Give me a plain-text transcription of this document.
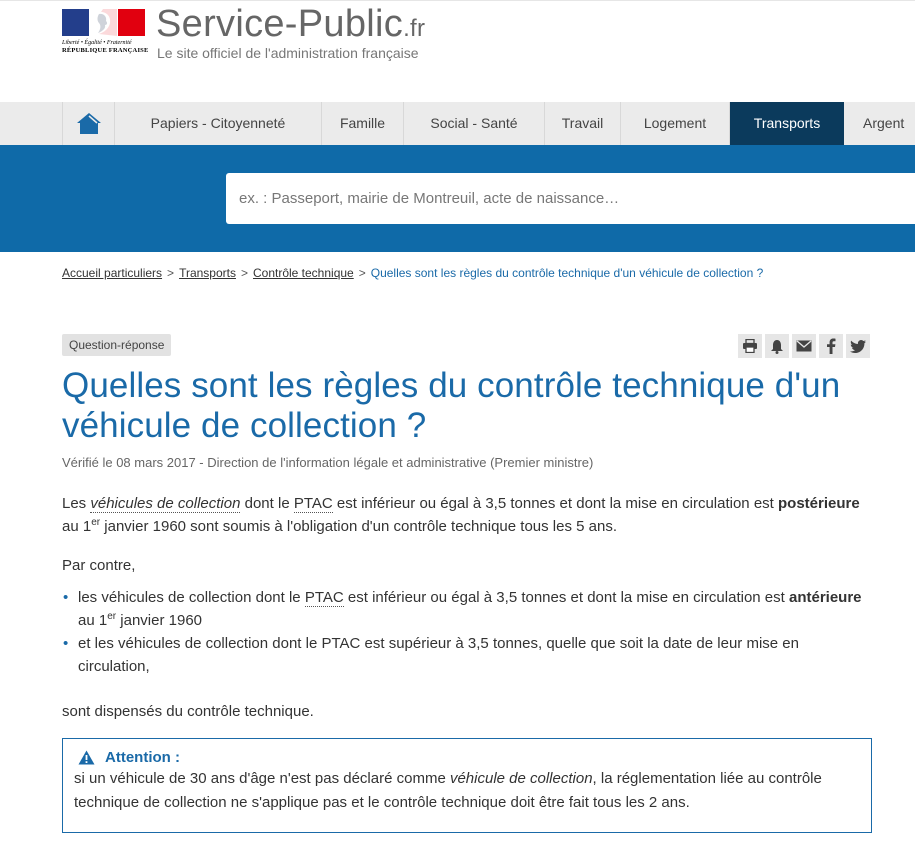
Liberté • Égalité • Fraternité
RÉPUBLIQUE FRANÇAISE
Service-Public.fr
Le site officiel de l'administration française
Papiers - Citoyenneté	Famille	Social - Santé	Travail	Logement	Transports	Argent
ex. : Passeport, mairie de Montreuil, acte de naissance…
Accueil particuliers > Transports > Contrôle technique > Quelles sont les règles du contrôle technique d'un véhicule de collection ?
Question-réponse
Quelles sont les règles du contrôle technique d'un véhicule de collection ?
Vérifié le 08 mars 2017 - Direction de l'information légale et administrative (Premier ministre)

Les véhicules de collection dont le PTAC est inférieur ou égal à 3,5 tonnes et dont la mise en circulation est postérieure au 1er janvier 1960 sont soumis à l'obligation d'un contrôle technique tous les 5 ans.

Par contre,

• les véhicules de collection dont le PTAC est inférieur ou égal à 3,5 tonnes et dont la mise en circulation est antérieure au 1er janvier 1960
• et les véhicules de collection dont le PTAC est supérieur à 3,5 tonnes, quelle que soit la date de leur mise en circulation,

sont dispensés du contrôle technique.

Attention :
si un véhicule de 30 ans d'âge n'est pas déclaré comme véhicule de collection, la réglementation liée au contrôle technique de collection ne s'applique pas et le contrôle technique doit être fait tous les 2 ans.
